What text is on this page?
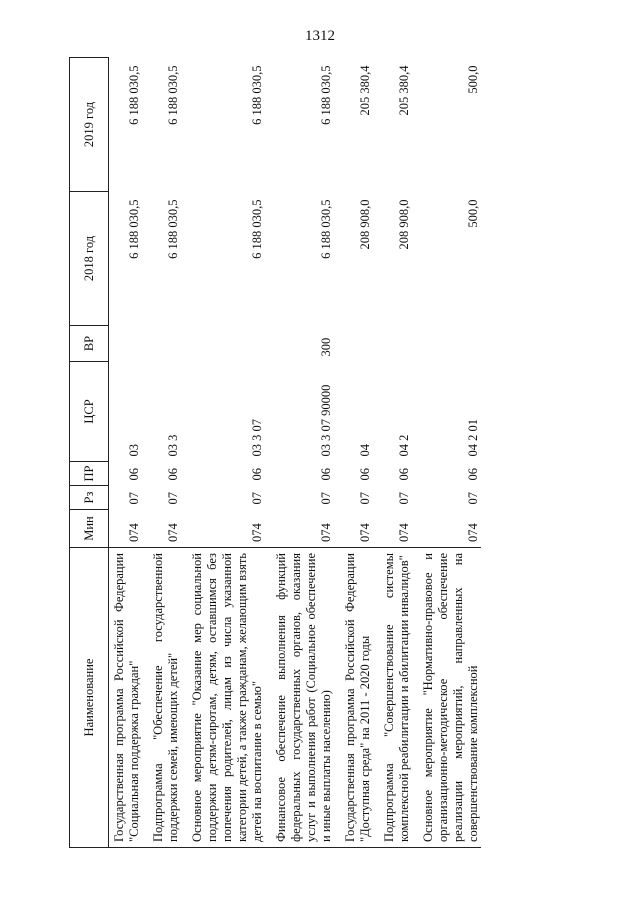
1312
Наименование	Мин	Рз	ПР	ЦСР	ВР	2018 год	2019 год
Государственная программа Российской Федерации "Социальная поддержка граждан"	074	07	06	03		6 188 030,5	6 188 030,5
Подпрограмма "Обеспечение государственной поддержки семей, имеющих детей"	074	07	06	03 3		6 188 030,5	6 188 030,5
Основное мероприятие "Оказание мер социальной поддержки детям-сиротам, детям, оставшимся без попечения родителей, лицам из числа указанной категории детей, а также гражданам, желающим взять детей на воспитание в семью"	074	07	06	03 3 07		6 188 030,5	6 188 030,5
Финансовое обеспечение выполнения функций федеральных государственных органов, оказания услуг и выполнения работ (Социальное обеспечение и иные выплаты населению)	074	07	06	03 3 07 90000	300	6 188 030,5	6 188 030,5
Государственная программа Российской Федерации "Доступная среда" на 2011 - 2020 годы	074	07	06	04		208 908,0	205 380,4
Подпрограмма "Совершенствование системы комплексной реабилитации и абилитации инвалидов"	074	07	06	04 2		208 908,0	205 380,4
Основное мероприятие "Нормативно-правовое и организационно-методическое обеспечение реализации мероприятий, направленных на совершенствование комплексной	074	07	06	04 2 01		500,0	500,0
